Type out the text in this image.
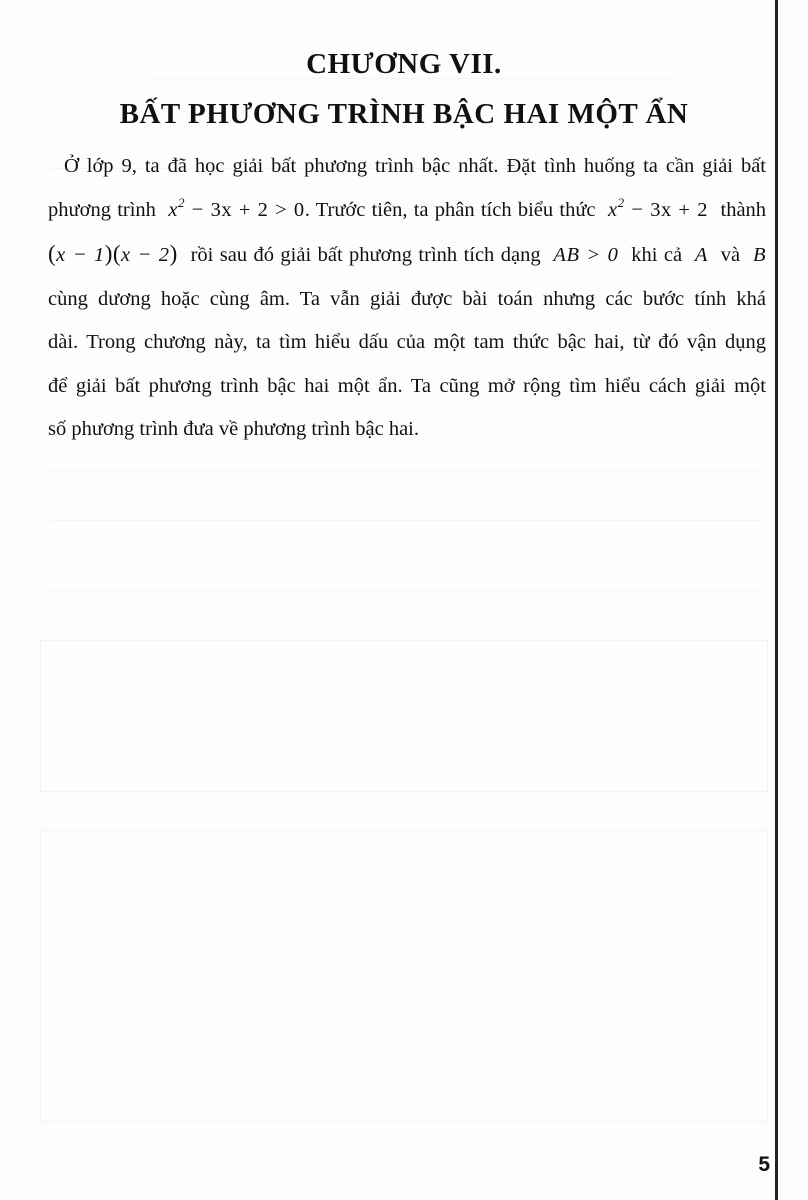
CHƯƠNG VII.
BẤT PHƯƠNG TRÌNH BẬC HAI MỘT ẨN
Ở lớp 9, ta đã học giải bất phương trình bậc nhất. Đặt tình huống ta cần giải bất
phương trình $x^2 - 3x + 2 > 0$. Trước tiên, ta phân tích biểu thức $x^2 - 3x + 2$ thành
(x − 1)(x − 2) rồi sau đó giải bất phương trình tích dạng AB > 0 khi cả A và B
cùng dương hoặc cùng âm. Ta vẫn giải được bài toán nhưng các bước tính khá
dài. Trong chương này, ta tìm hiểu dấu của một tam thức bậc hai, từ đó vận dụng
để giải bất phương trình bậc hai một ẩn. Ta cũng mở rộng tìm hiểu cách giải một
số phương trình đưa về phương trình bậc hai.
5
